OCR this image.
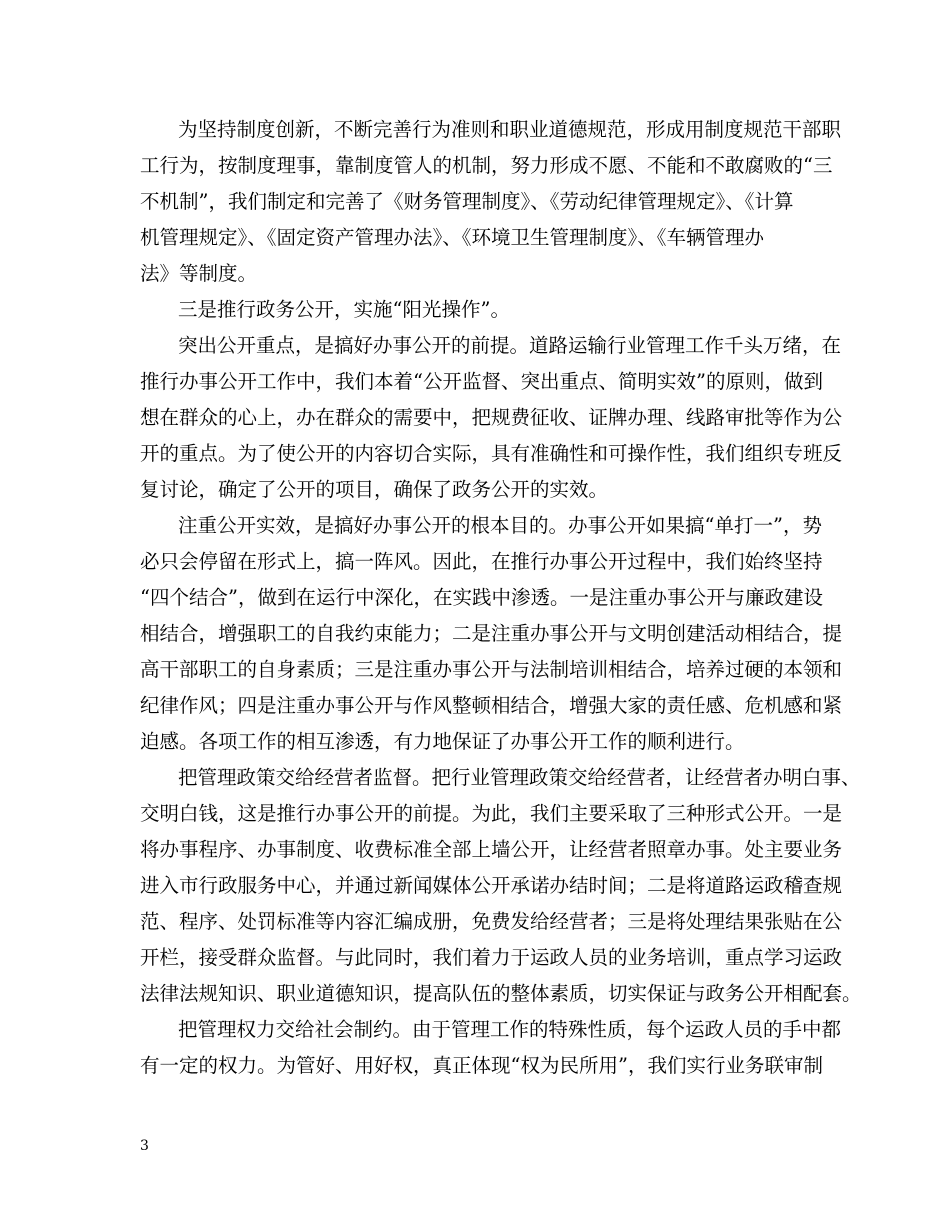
为坚持制度创新，不断完善行为准则和职业道德规范，形成用制度规范干部职
工行为，按制度理事，靠制度管人的机制，努力形成不愿、不能和不敢腐败的“三
不机制”，我们制定和完善了《财务管理制度》、《劳动纪律管理规定》、《计算
机管理规定》、《固定资产管理办法》、《环境卫生管理制度》、《车辆管理办
法》等制度。
三是推行政务公开，实施“阳光操作”。
突出公开重点，是搞好办事公开的前提。道路运输行业管理工作千头万绪，在
推行办事公开工作中，我们本着“公开监督、突出重点、简明实效”的原则，做到
想在群众的心上，办在群众的需要中，把规费征收、证牌办理、线路审批等作为公
开的重点。为了使公开的内容切合实际，具有准确性和可操作性，我们组织专班反
复讨论，确定了公开的项目，确保了政务公开的实效。
注重公开实效，是搞好办事公开的根本目的。办事公开如果搞“单打一”，势
必只会停留在形式上，搞一阵风。因此，在推行办事公开过程中，我们始终坚持
“四个结合”，做到在运行中深化，在实践中渗透。一是注重办事公开与廉政建设
相结合，增强职工的自我约束能力；二是注重办事公开与文明创建活动相结合，提
高干部职工的自身素质；三是注重办事公开与法制培训相结合，培养过硬的本领和
纪律作风；四是注重办事公开与作风整顿相结合，增强大家的责任感、危机感和紧
迫感。各项工作的相互渗透，有力地保证了办事公开工作的顺利进行。
把管理政策交给经营者监督。把行业管理政策交给经营者，让经营者办明白事、
交明白钱，这是推行办事公开的前提。为此，我们主要采取了三种形式公开。一是
将办事程序、办事制度、收费标准全部上墙公开，让经营者照章办事。处主要业务
进入市行政服务中心，并通过新闻媒体公开承诺办结时间；二是将道路运政稽查规
范、程序、处罚标准等内容汇编成册，免费发给经营者；三是将处理结果张贴在公
开栏，接受群众监督。与此同时，我们着力于运政人员的业务培训，重点学习运政
法律法规知识、职业道德知识，提高队伍的整体素质，切实保证与政务公开相配套。
把管理权力交给社会制约。由于管理工作的特殊性质，每个运政人员的手中都
有一定的权力。为管好、用好权，真正体现“权为民所用”，我们实行业务联审制
3
